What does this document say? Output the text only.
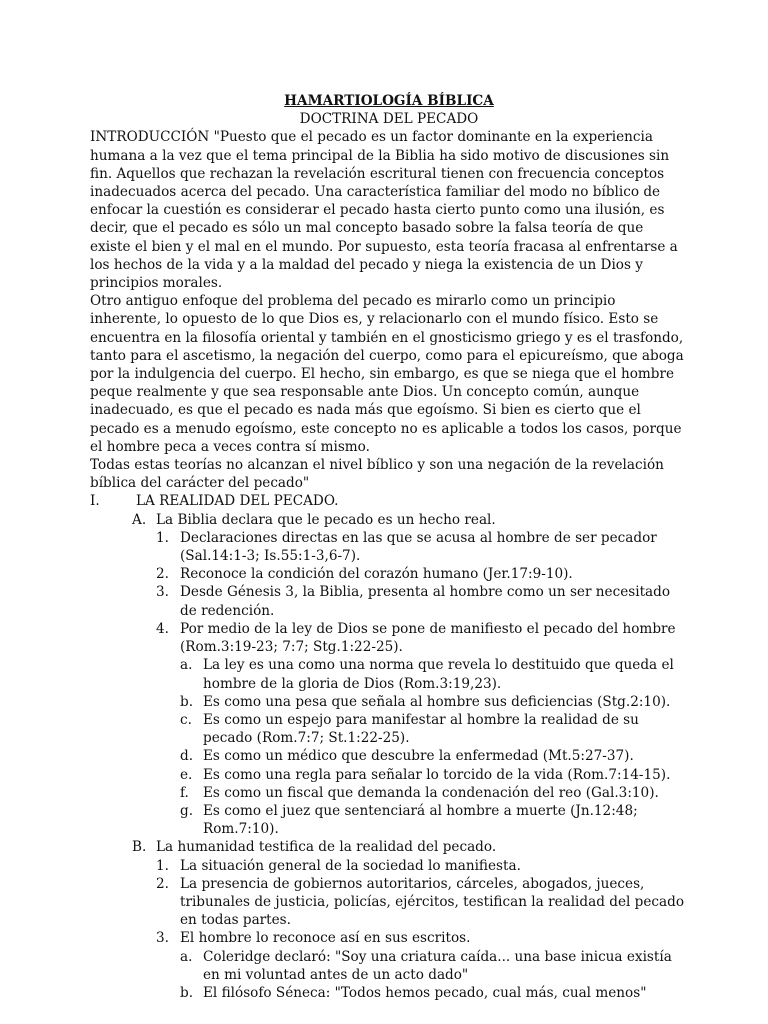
HAMARTIOLOGÍA BÍBLICA

DOCTRINA DEL PECADO

INTRODUCCIÓN "Puesto que el pecado es un factor dominante en la experiencia humana a la vez que el tema principal de la Biblia ha sido motivo de discusiones sin fin. Aquellos que rechazan la revelación escritural tienen con frecuencia conceptos inadecuados acerca del pecado. Una característica familiar del modo no bíblico de enfocar la cuestión es considerar el pecado hasta cierto punto como una ilusión, es decir, que el pecado es sólo un mal concepto basado sobre la falsa teoría de que existe el bien y el mal en el mundo. Por supuesto, esta teoría fracasa al enfrentarse a los hechos de la vida y a la maldad del pecado y niega la existencia de un Dios y principios morales.

Otro antiguo enfoque del problema del pecado es mirarlo como un principio inherente, lo opuesto de lo que Dios es, y relacionarlo con el mundo físico. Esto se encuentra en la filosofía oriental y también en el gnosticismo griego y es el trasfondo, tanto para el ascetismo, la negación del cuerpo, como para el epicureísmo, que aboga por la indulgencia del cuerpo. El hecho, sin embargo, es que se niega que el hombre peque realmente y que sea responsable ante Dios. Un concepto común, aunque inadecuado, es que el pecado es nada más que egoísmo. Si bien es cierto que el pecado es a menudo egoísmo, este concepto no es aplicable a todos los casos, porque el hombre peca a veces contra sí mismo.

Todas estas teorías no alcanzan el nivel bíblico y son una negación de la revelación bíblica del carácter del pecado"

I.	LA REALIDAD DEL PECADO.
A. La Biblia declara que le pecado es un hecho real.
1. Declaraciones directas en las que se acusa al hombre de ser pecador (Sal.14:1-3; Is.55:1-3,6-7).
2. Reconoce la condición del corazón humano (Jer.17:9-10).
3. Desde Génesis 3, la Biblia, presenta al hombre como un ser necesitado de redención.
4. Por medio de la ley de Dios se pone de manifiesto el pecado del hombre (Rom.3:19-23; 7:7; Stg.1:22-25).
a. La ley es una como una norma que revela lo destituido que queda el hombre de la gloria de Dios (Rom.3:19,23).
b. Es como una pesa que señala al hombre sus deficiencias (Stg.2:10).
c. Es como un espejo para manifestar al hombre la realidad de su pecado (Rom.7:7; St.1:22-25).
d. Es como un médico que descubre la enfermedad (Mt.5:27-37).
e. Es como una regla para señalar lo torcido de la vida (Rom.7:14-15).
f.	Es como un fiscal que demanda la condenación del reo (Gal.3:10).
g. Es como el juez que sentenciará al hombre a muerte (Jn.12:48; Rom.7:10).
B. La humanidad testifica de la realidad del pecado.
1. La situación general de la sociedad lo manifiesta.
2. La presencia de gobiernos autoritarios, cárceles, abogados, jueces, tribunales de justicia, policías, ejércitos, testifican la realidad del pecado en todas partes.
3. El hombre lo reconoce así en sus escritos.
a. Coleridge declaró: "Soy una criatura caída... una base inicua existía en mi voluntad antes de un acto dado"
b. El filósofo Séneca: "Todos hemos pecado, cual más, cual menos"
